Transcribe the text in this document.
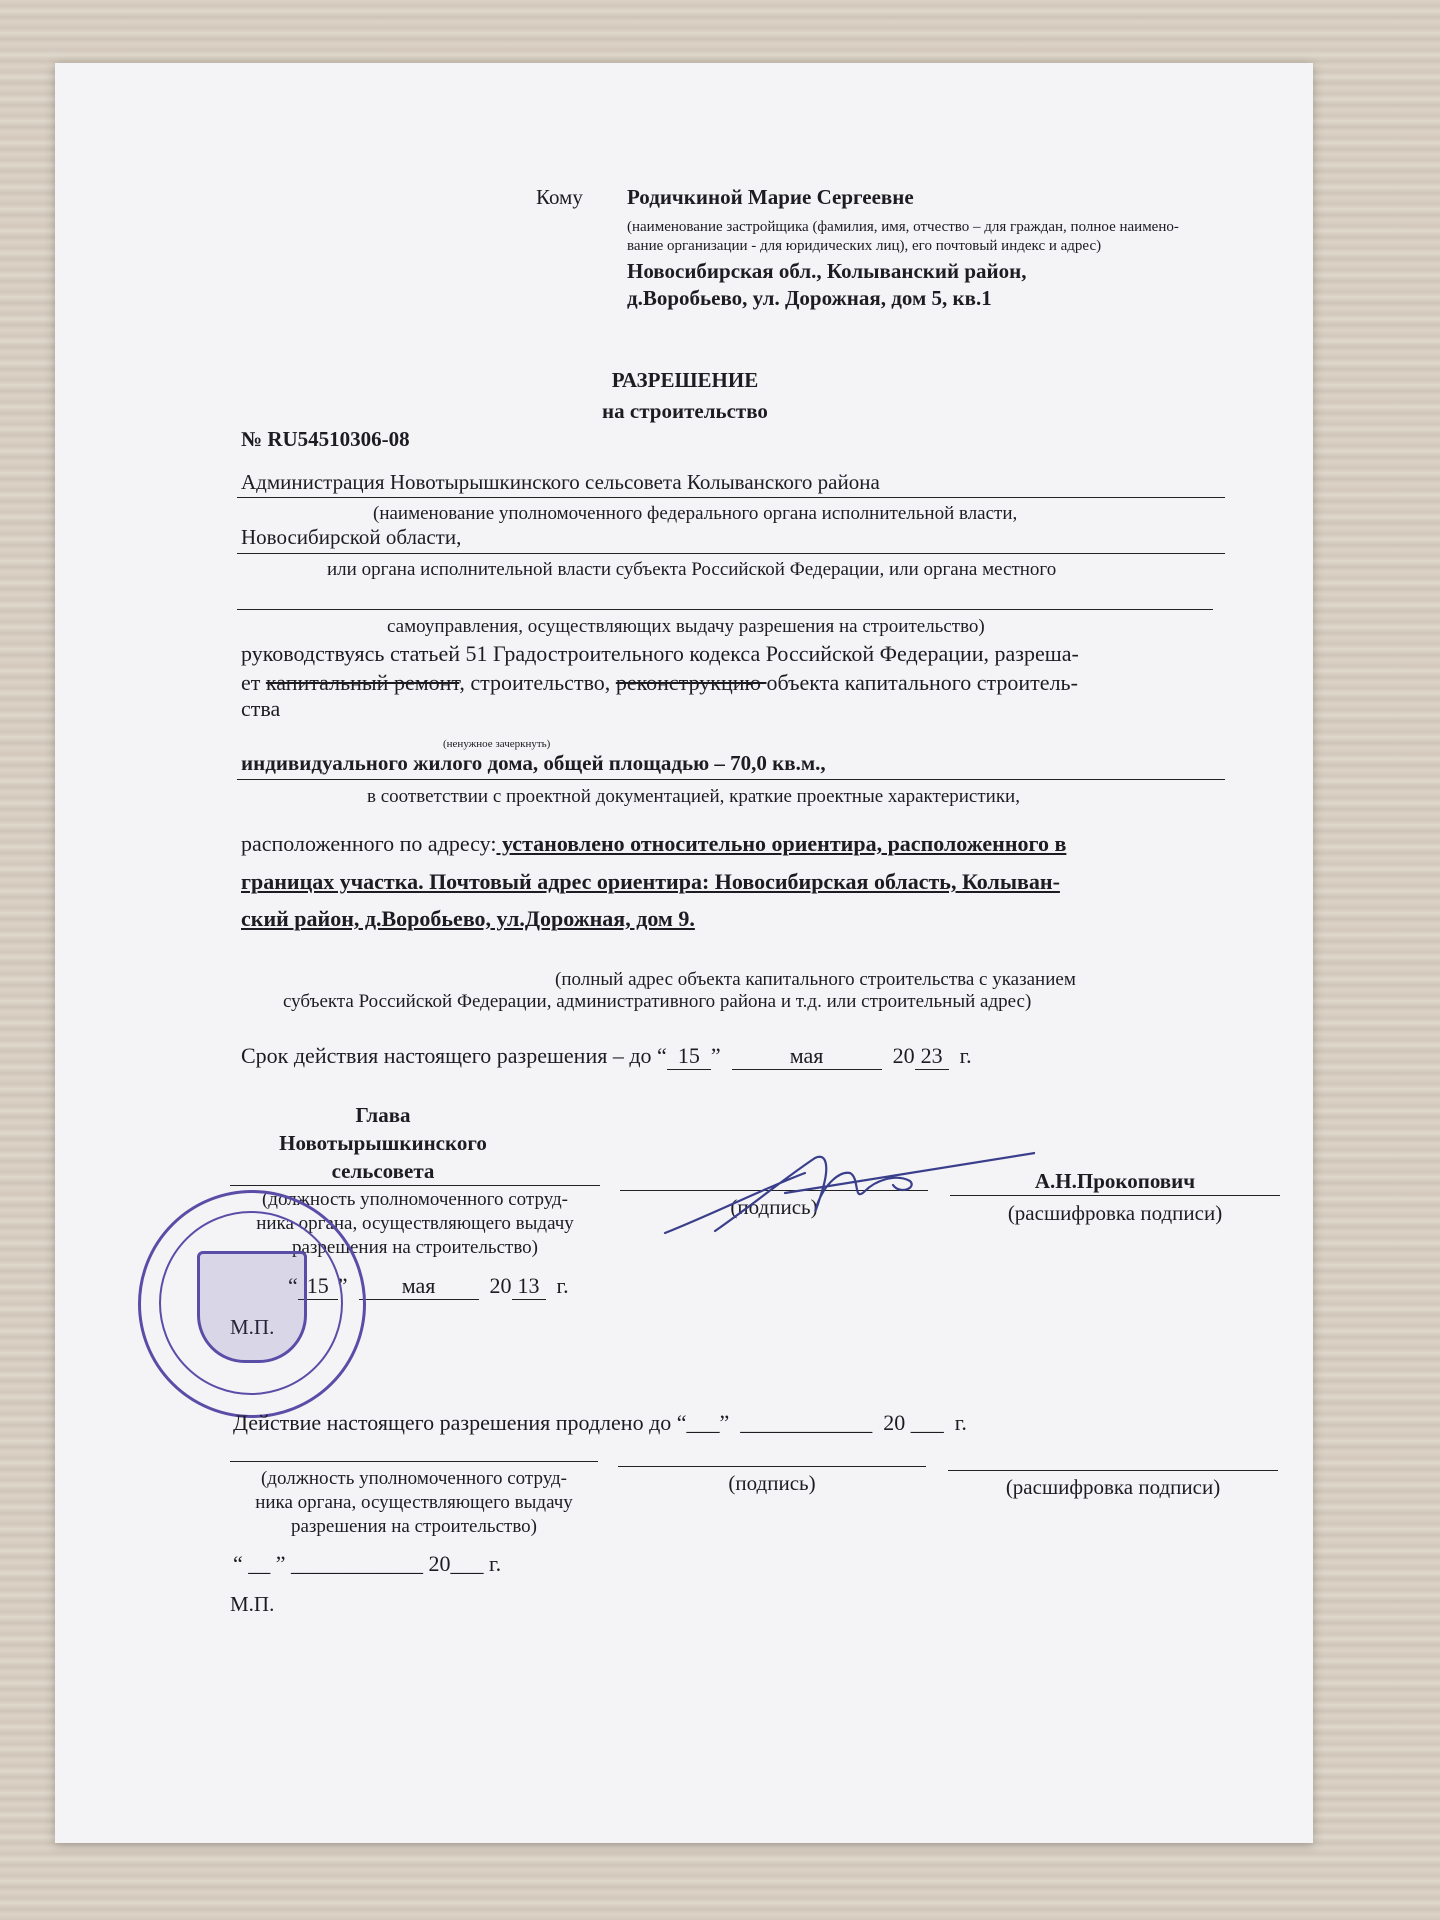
Кому Родичкиной Марие Сергеевне
(наименование застройщика (фамилия, имя, отчество – для граждан, полное наимено-
вание организации - для юридических лиц), его почтовый индекс и адрес)
Новосибирская обл., Колыванский район,
д.Воробьево, ул. Дорожная, дом 5, кв.1
РАЗРЕШЕНИЕ
на строительство
№ RU54510306-08
Администрация Новотырышкинского сельсовета Колыванского района
(наименование уполномоченного федерального органа исполнительной власти,
Новосибирской области,
или органа исполнительной власти субъекта Российской Федерации, или органа местного
самоуправления, осуществляющих выдачу разрешения на строительство)
руководствуясь статьей 51 Градостроительного кодекса Российской Федерации, разреша-
ет капитальный ремонт, строительство, реконструкцию объекта капитального строитель-
ства
(ненужное зачеркнуть)
индивидуального жилого дома, общей площадью – 70,0 кв.м.,
в соответствии с проектной документацией, краткие проектные характеристики,
расположенного по адресу: установлено относительно ориентира, расположенного в
границах участка. Почтовый адрес ориентира: Новосибирская область, Колыван-
ский район, д.Воробьево, ул.Дорожная, дом 9.
(полный адрес объекта капитального строительства с указанием
субъекта Российской Федерации, административного района и т.д. или строительный адрес)
Срок действия настоящего разрешения – до “ 15 ”	мая	20 23 г.
Глава
Новотырышкинского
сельсовета	А.Н.Прокопович
(должность уполномоченного сотруд-
ника органа, осуществляющего выдачу
разрешения на строительство)
(подпись)	(расшифровка подписи)
“ 15 ” мая 20 13 г.
М.П.
Действие настоящего разрешения продлено до “___” ____________ 20 ___ г.
(должность уполномоченного сотруд-
ника органа, осуществляющего выдачу
разрешения на строительство)
(подпись)	(расшифровка подписи)
“ __ ” ____________ 20___ г.
М.П.
